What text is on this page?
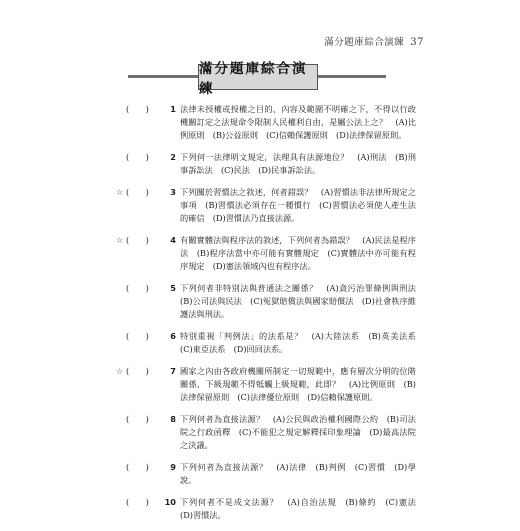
滿分題庫綜合演練 37
滿分題庫綜合演練
(　　)	1 法律未授權或授權之目的、內容及範圍不明確之下，不得以行政機關訂定之法規命令限制人民權利自由，是屬公法上之？　(A)比例原則　(B)公益原則　(C)信賴保護原則　(D)法律保留原則。
(　　)	2 下列何一法律明文規定，法理具有法源地位？　(A)刑法　(B)刑事訴訟法　(C)民法　(D)民事訴訟法。
☆ (　　)	3 下列關於習慣法之敘述，何者錯誤？　(A)習慣法非法律所規定之事項　(B)習慣法必須存在一種慣行　(C)習慣法必須使人產生法的確信　(D)習慣法乃直接法源。
☆ (　　)	4 有關實體法與程序法的敘述，下列何者為錯誤？　(A)民法是程序法　(B)程序法當中亦可能有實體規定　(C)實體法中亦可能有程序規定　(D)憲法領域內也有程序法。
(　　)	5 下列何者非特別法與普通法之關係？　(A)貪污治罪條例與刑法　(B)公司法與民法　(C)冤獄賠償法與國家賠償法　(D)社會秩序維護法與刑法。
(　　)	6 特別重視「判例法」的法系是？　(A)大陸法系　(B)英美法系　(C)東亞法系　(D)回回法系。
☆ (　　)	7 國家之內由各政府機關所制定一切規範中，應有層次分明的位階關係，下級規範不得牴觸上級規範，此即？　(A)比例原則　(B)法律保留原則　(C)法律優位原則　(D)信賴保護原則。
(　　)	8 下列何者為直接法源？　(A)公民與政治權利國際公約　(B)司法院之行政函釋　(C)不能犯之規定解釋採印象理論　(D)最高法院之決議。
(　　)	9 下列何者為直接法源？　(A)法律　(B)判例　(C)習慣　(D)學說。
(　　)	10 下列何者不是成文法源？　(A)自治法規　(B)條約　(C)憲法　(D)習慣法。
